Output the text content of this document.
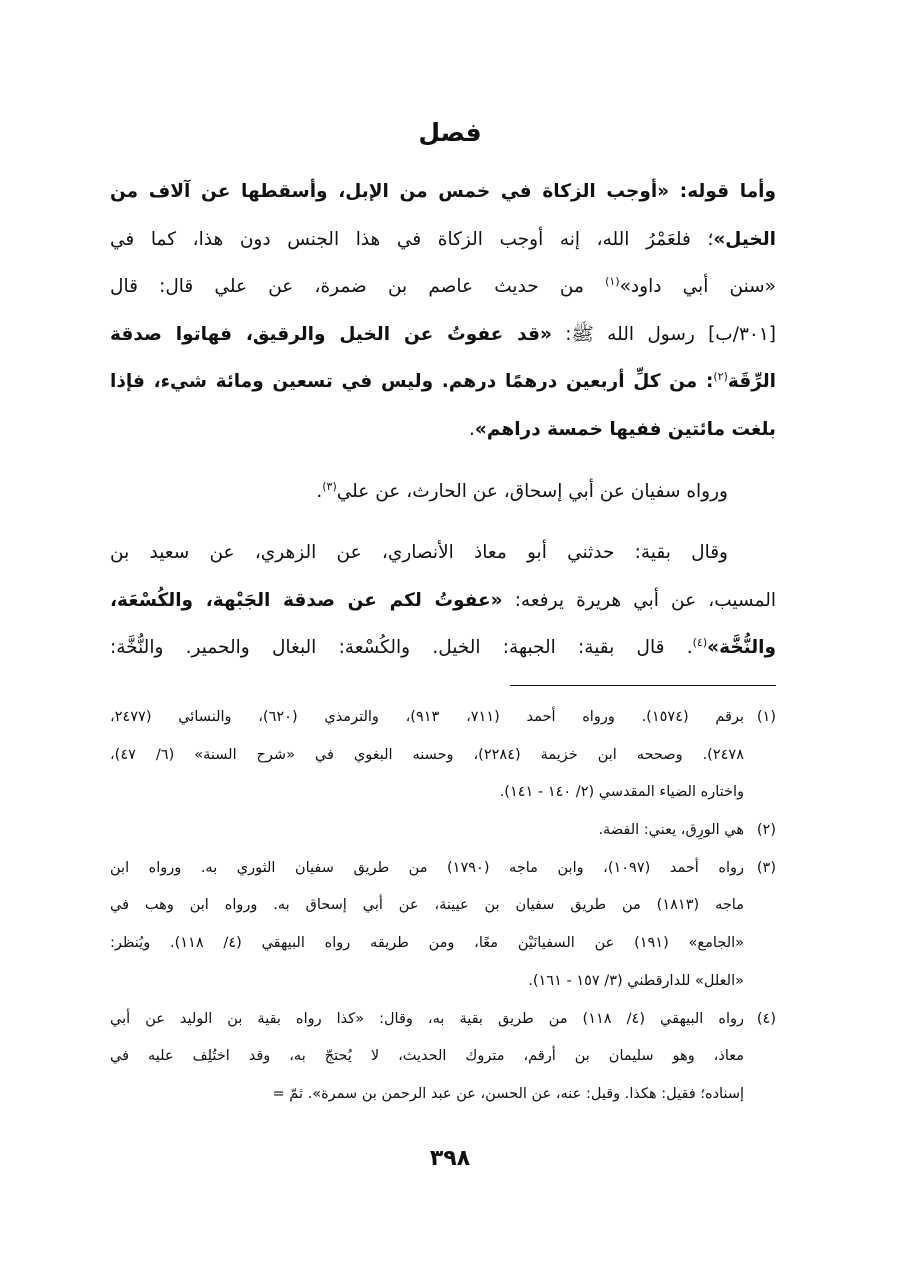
فصل
وأما قوله: «أوجب الزكاة في خمس من الإبل، وأسقطها عن آلاف من
الخيل»؛ فلعَمْرُ الله، إنه أوجب الزكاة في هذا الجنس دون هذا، كما في
«سنن أبي داود»$^{(١)}$ من حديث عاصم بن ضمرة، عن علي قال: قال
[٣٠١/ب] رسول الله ﷺ: «قد عفوتُ عن الخيل والرقيق، فهاتوا صدقة
الرِّقَة$^{(٢)}$: من كلِّ أربعين درهمًا درهم. وليس في تسعين ومائة شيء، فإذا
بلغت مائتين ففيها خمسة دراهم».
ورواه سفيان عن أبي إسحاق، عن الحارث، عن علي$^{(٣)}$.
وقال بقية: حدثني أبو معاذ الأنصاري، عن الزهري، عن سعيد بن
المسيب، عن أبي هريرة يرفعه: «عفوتُ لكم عن صدقة الجَبْهة، والكُسْعَة،
والنُّخَّة»$^{(٤)}$. قال بقية: الجبهة: الخيل. والكُسْعة: البغال والحمير. والنُّخَّة:
(١)برقم (١٥٧٤). ورواه أحمد (٧١١، ٩١٣)، والترمذي (٦٢٠)، والنسائي (٢٤٧٧،
٢٤٧٨). وصححه ابن خزيمة (٢٢٨٤)، وحسنه البغوي في «شرح السنة» (٦/ ٤٧)،
واختاره الضياء المقدسي (٢/ ١٤٠ - ١٤١).
(٢)هي الورِق، يعني: الفضة.
(٣)رواه أحمد (١٠٩٧)، وابن ماجه (١٧٩٠) من طريق سفيان الثوري به. ورواه ابن
ماجه (١٨١٣) من طريق سفيان بن عيينة، عن أبي إسحاق به. ورواه ابن وهب في
«الجامع» (١٩١) عن السفيانَيْن معًا، ومن طريقه رواه البيهقي (٤/ ١١٨). ويُنظر:
«العلل» للدارقطني (٣/ ١٥٧ - ١٦١).
(٤)رواه البيهقي (٤/ ١١٨) من طريق بقية به، وقال: «كذا رواه بقية بن الوليد عن أبي
معاذ، وهو سليمان بن أرقم، متروك الحديث، لا يُحتجّ به، وقد اختُلِف عليه في
إسناده؛ فقيل: هكذا. وقيل: عنه، عن الحسن، عن عبد الرحمن بن سمرة». ثمّ =
٣٩٨
